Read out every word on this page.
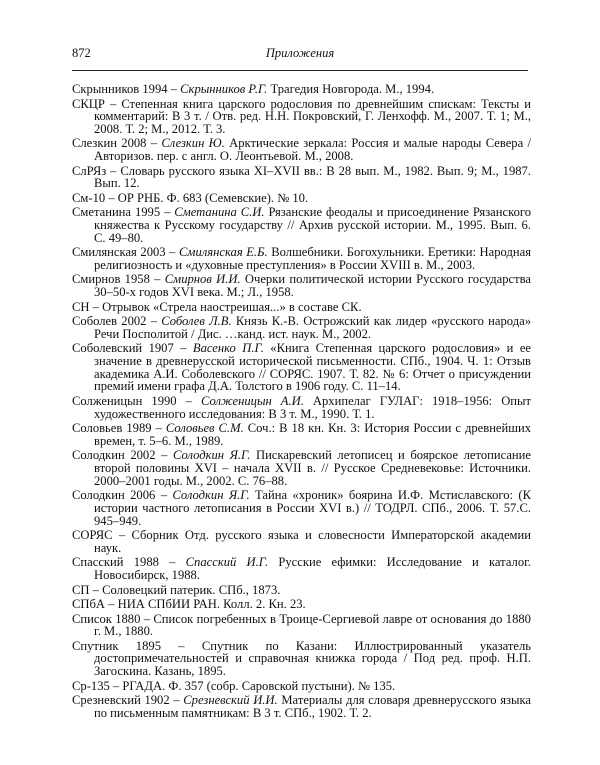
872	Приложения

Скрынников 1994 – Скрынников Р.Г. Трагедия Новгорода. М., 1994.

СКЦР – Степенная книга царского родословия по древнейшим спискам: Тексты и комментарий: В 3 т. / Отв. ред. Н.Н. Покровский, Г. Ленхофф. М., 2007. Т. 1; М., 2008. Т. 2; М., 2012. Т. 3.

Слезкин 2008 – Слезкин Ю. Арктические зеркала: Россия и малые народы Севера / Авторизов. пер. с англ. О. Леонтьевой. М., 2008.

СлРЯз – Словарь русского языка XI–XVII вв.: В 28 вып. М., 1982. Вып. 9; М., 1987. Вып. 12.

См-10 – ОР РНБ. Ф. 683 (Семевские). № 10.

Сметанина 1995 – Сметанина С.И. Рязанские феодалы и присоединение Рязанского княжества к Русскому государству // Архив русской истории. М., 1995. Вып. 6. С. 49–80.

Смилянская 2003 – Смилянская Е.Б. Волшебники. Богохульники. Еретики: Народная религиозность и «духовные преступления» в России XVIII в. М., 2003.

Смирнов 1958 – Смирнов И.И. Очерки политической истории Русского государства 30–50-х годов XVI века. М.; Л., 1958.

СН – Отрывок «Стрела наостреишая...» в составе СК.

Соболев 2002 – Соболев Л.В. Князь К.-В. Острожский как лидер «русского народа» Речи Посполитой / Дис. …канд. ист. наук. М., 2002.

Соболевский 1907 – Васенко П.Г. «Книга Степенная царского родословия» и ее значение в древнерусской исторической письменности. СПб., 1904. Ч. 1: Отзыв академика А.И. Соболевского // СОРЯС. 1907. Т. 82. № 6: Отчет о присуждении премий имени графа Д.А. Толстого в 1906 году. С. 11–14.

Солженицын 1990 – Солженицын А.И. Архипелаг ГУЛАГ: 1918–1956: Опыт художественного исследования: В 3 т. М., 1990. Т. 1.

Соловьев 1989 – Соловьев С.М. Соч.: В 18 кн. Кн. 3: История России с древнейших времен, т. 5–6. М., 1989.

Солодкин 2002 – Солодкин Я.Г. Пискаревский летописец и боярское летописание второй половины XVI – начала XVII в. // Русское Средневековье: Источники. 2000–2001 годы. М., 2002. С. 76–88.

Солодкин 2006 – Солодкин Я.Г. Тайна «хроник» боярина И.Ф. Мстиславского: (К истории частного летописания в России XVI в.) // ТОДРЛ. СПб., 2006. Т. 57.С. 945–949.

СОРЯС – Сборник Отд. русского языка и словесности Императорской академии наук.

Спасский 1988 – Спасский И.Г. Русские ефимки: Исследование и каталог. Новосибирск, 1988.

СП – Соловецкий патерик. СПб., 1873.

СПбА – НИА СПбИИ РАН. Колл. 2. Кн. 23.

Список 1880 – Список погребенных в Троице-Сергиевой лавре от основания до 1880 г. М., 1880.

Спутник 1895 – Спутник по Казани: Иллюстрированный указатель достопримечательностей и справочная книжка города / Под ред. проф. Н.П. Загоскина. Казань, 1895.

Ср-135 – РГАДА. Ф. 357 (собр. Саровской пустыни). № 135.

Срезневский 1902 – Срезневский И.И. Материалы для словаря древнерусского языка по письменным памятникам: В 3 т. СПб., 1902. Т. 2.
